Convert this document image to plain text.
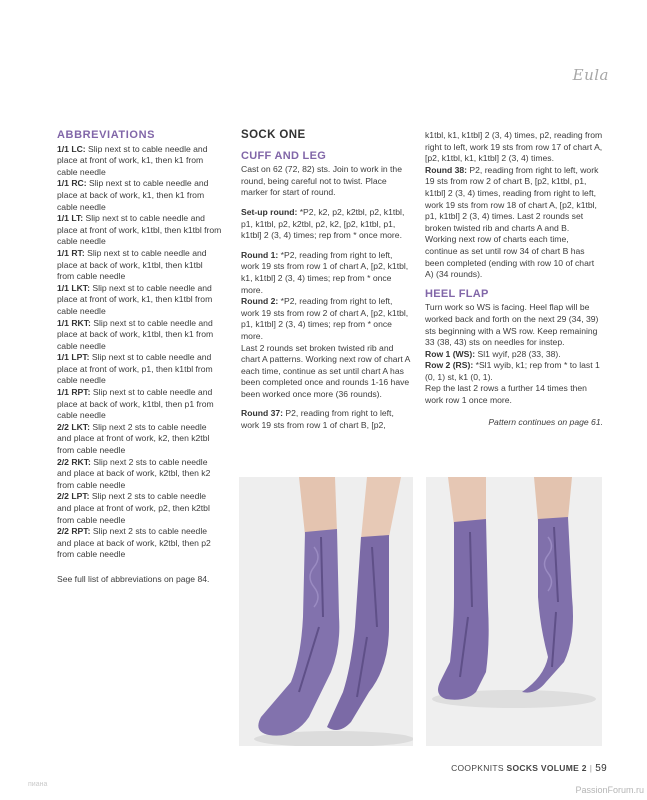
Eula
ABBREVIATIONS

1/1 LC: Slip next st to cable needle and place at front of work, k1, then k1 from cable needle

1/1 RC: Slip next st to cable needle and place at back of work, k1, then k1 from cable needle

1/1 LT: Slip next st to cable needle and place at front of work, k1tbl, then k1tbl from cable needle

1/1 RT: Slip next st to cable needle and place at back of work, k1tbl, then k1tbl from cable needle

1/1 LKT: Slip next st to cable needle and place at front of work, k1, then k1tbl from cable needle

1/1 RKT: Slip next st to cable needle and place at back of work, k1tbl, then k1 from cable needle

1/1 LPT: Slip next st to cable needle and place at front of work, p1, then k1tbl from cable needle

1/1 RPT: Slip next st to cable needle and place at back of work, k1tbl, then p1 from cable needle

2/2 LKT: Slip next 2 sts to cable needle and place at front of work, k2, then k2tbl from cable needle

2/2 RKT: Slip next 2 sts to cable needle and place at back of work, k2tbl, then k2 from cable needle

2/2 LPT: Slip next 2 sts to cable needle and place at front of work, p2, then k2tbl from cable needle

2/2 RPT: Slip next 2 sts to cable needle and place at back of work, k2tbl, then p2 from cable needle

See full list of abbreviations on page 84.

SOCK ONE
CUFF AND LEG

Cast on 62 (72, 82) sts. Join to work in the round, being careful not to twist. Place marker for start of round.

Set-up round: *P2, k2, p2, k2tbl, p2, k1tbl, p1, k1tbl, p2, k2tbl, p2, k2, [p2, k1tbl, p1, k1tbl] 2 (3, 4) times; rep from * once more.

Round 1: *P2, reading from right to left, work 19 sts from row 1 of chart A, [p2, k1tbl, k1, k1tbl] 2 (3, 4) times; rep from * once more.

Round 2: *P2, reading from right to left, work 19 sts from row 2 of chart A, [p2, k1tbl, p1, k1tbl] 2 (3, 4) times; rep from * once more.

Last 2 rounds set broken twisted rib and chart A patterns. Working next row of chart A each time, continue as set until chart A has been completed once and rounds 1-16 have been worked once more (36 rounds).

Round 37: P2, reading from right to left, work 19 sts from row 1 of chart B, [p2,

k1tbl, k1, k1tbl] 2 (3, 4) times, p2, reading from right to left, work 19 sts from row 17 of chart A, [p2, k1tbl, k1, k1tbl] 2 (3, 4) times.

Round 38: P2, reading from right to left, work 19 sts from row 2 of chart B, [p2, k1tbl, p1, k1tbl] 2 (3, 4) times, reading from right to left, work 19 sts from row 18 of chart A, [p2, k1tbl, p1, k1tbl] 2 (3, 4) times. Last 2 rounds set broken twisted rib and charts A and B. Working next row of charts each time, continue as set until row 34 of chart B has been completed (ending with row 10 of chart A) (34 rounds).

HEEL FLAP

Turn work so WS is facing. Heel flap will be worked back and forth on the next 29 (34, 39) sts beginning with a WS row. Keep remaining 33 (38, 43) sts on needles for instep.

Row 1 (WS): Sl1 wyif, p28 (33, 38).

Row 2 (RS): *Sl1 wyib, k1; rep from * to last 1 (0, 1) st, k1 (0, 1).

Rep the last 2 rows a further 14 times then work row 1 once more.

Pattern continues on page 61.

COOPKNITS SOCKS VOLUME 2 | 59
пиана
PassionForum.ru
